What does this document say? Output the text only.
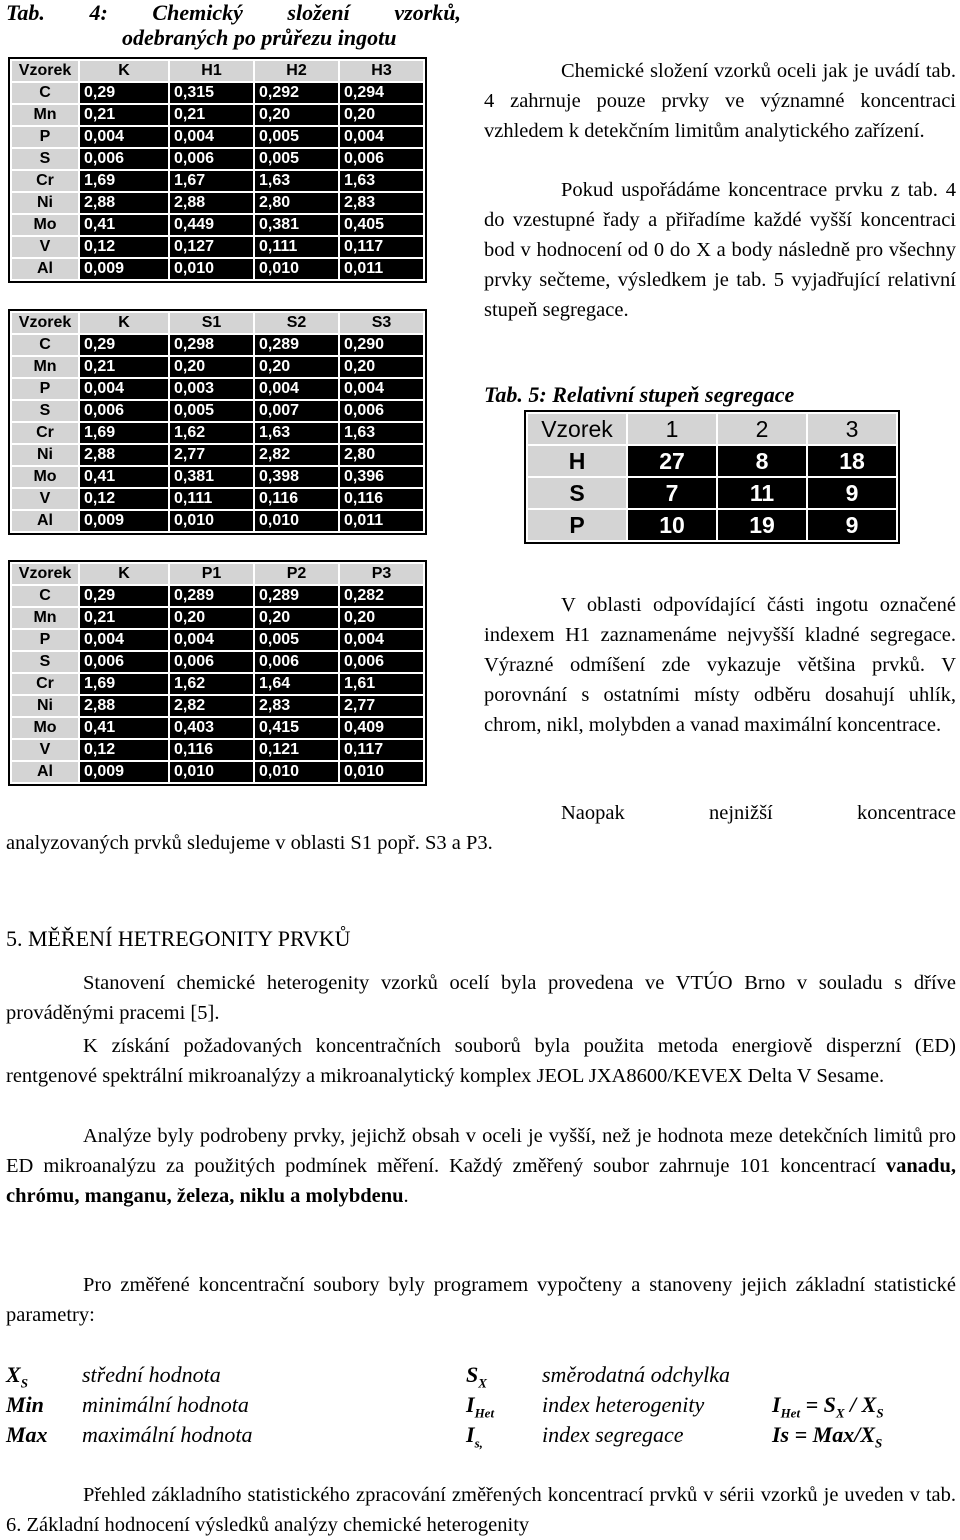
Tab. 4: Chemický složení vzorků,
odebraných po průřezu ingotu
Vzorek	K	H1	H2	H3
C	0,29	0,315	0,292	0,294
Mn	0,21	0,21	0,20	0,20
P	0,004	0,004	0,005	0,004
S	0,006	0,006	0,005	0,006
Cr	1,69	1,67	1,63	1,63
Ni	2,88	2,88	2,80	2,83
Mo	0,41	0,449	0,381	0,405
V	0,12	0,127	0,111	0,117
Al	0,009	0,010	0,010	0,011
Vzorek	K	S1	S2	S3
C	0,29	0,298	0,289	0,290
Mn	0,21	0,20	0,20	0,20
P	0,004	0,003	0,004	0,004
S	0,006	0,005	0,007	0,006
Cr	1,69	1,62	1,63	1,63
Ni	2,88	2,77	2,82	2,80
Mo	0,41	0,381	0,398	0,396
V	0,12	0,111	0,116	0,116
Al	0,009	0,010	0,010	0,011
Vzorek	K	P1	P2	P3
C	0,29	0,289	0,289	0,282
Mn	0,21	0,20	0,20	0,20
P	0,004	0,004	0,005	0,004
S	0,006	0,006	0,006	0,006
Cr	1,69	1,62	1,64	1,61
Ni	2,88	2,82	2,83	2,77
Mo	0,41	0,403	0,415	0,409
V	0,12	0,116	0,121	0,117
Al	0,009	0,010	0,010	0,010
Chemické složení vzorků oceli jak je uvádí tab. 4 zahrnuje pouze prvky ve významné koncentraci vzhledem k detekčním limitům analytického zařízení.
Pokud uspořádáme koncentrace prvku z tab. 4 do vzestupné řady a přiřadíme každé vyšší koncentraci bod v hodnocení od 0 do X a body následně pro všechny prvky sečteme, výsledkem je tab. 5 vyjadřující relativní stupeň segregace.
Tab. 5: Relativní stupeň segregace
Vzorek	1	2	3
H	27	8	18
S	7	11	9
P	10	19	9
V oblasti odpovídající části ingotu označené indexem H1 zaznamenáme nejvyšší kladné segregace. Výrazné odmíšení zde vykazuje většina prvků. V porovnání s ostatními místy odběru dosahují uhlík, chrom, nikl, molybden a vanad maximální koncentrace.
Naopak nejnižší koncentrace
analyzovaných prvků sledujeme v oblasti S1 popř. S3 a P3.
5. MĚŘENÍ HETREGONITY PRVKŮ
Stanovení chemické heterogenity vzorků ocelí byla provedena ve VTÚO Brno v souladu s dříve prováděnými pracemi [5].
K získání požadovaných koncentračních souborů byla použita metoda energiově disperzní (ED) rentgenové spektrální mikroanalýzy a mikroanalytický komplex JEOL JXA8600/KEVEX Delta V Sesame.
Analýze byly podrobeny prvky, jejichž obsah v oceli je vyšší, než je hodnota meze detekčních limitů pro ED mikroanalýzu za použitých podmínek měření. Každý změřený soubor zahrnuje 101 koncentrací vanadu, chrómu, manganu, železa, niklu a molybdenu.
Pro změřené koncentrační soubory byly programem vypočteny a stanoveny jejich základní statistické parametry:
$X_S$ střední hodnota	$S_X$	směrodatná odchylka
Min minimální hodnota	$I_{Het}$ index heterogenity	$I_{Het} = S_X / X_S$
Max maximální hodnota	$I_{s,}$	index segregace	Is = Max/$X_S$
Přehled základního statistického zpracování změřených koncentrací prvků v sérii vzorků je uveden v tab. 6. Základní hodnocení výsledků analýzy chemické heterogenity
